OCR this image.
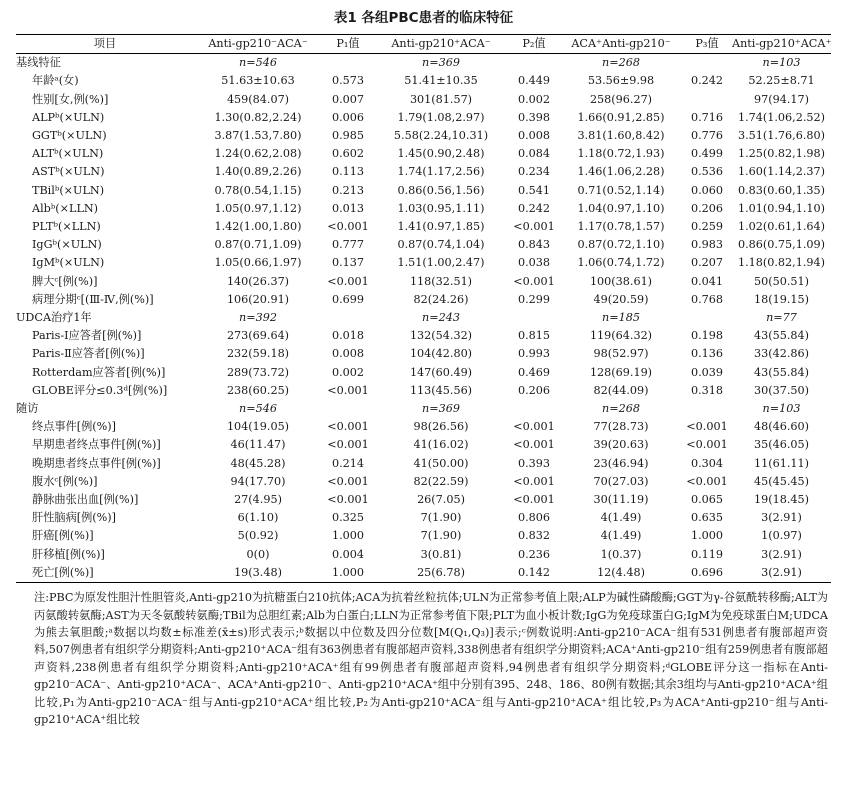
表1 各组PBC患者的临床特征
项目	Anti-gp210⁻ACA⁻	P₁值	Anti-gp210⁺ACA⁻	P₂值	ACA⁺Anti-gp210⁻	P₃值	Anti-gp210⁺ACA⁺
基线特征	n=546		n=369		n=268		n=103
年龄ᵃ(女)	51.63±10.63	0.573	51.41±10.35	0.449	53.56±9.98	0.242	52.25±8.71
性别[女,例(%)]	459(84.07)	0.007	301(81.57)	0.002	258(96.27)		97(94.17)
ALPᵇ(×ULN)	1.30(0.82,2.24)	0.006	1.79(1.08,2.97)	0.398	1.66(0.91,2.85)	0.716	1.74(1.06,2.52)
GGTᵇ(×ULN)	3.87(1.53,7.80)	0.985	5.58(2.24,10.31)	0.008	3.81(1.60,8.42)	0.776	3.51(1.76,6.80)
ALTᵇ(×ULN)	1.24(0.62,2.08)	0.602	1.45(0.90,2.48)	0.084	1.18(0.72,1.93)	0.499	1.25(0.82,1.98)
ASTᵇ(×ULN)	1.40(0.89,2.26)	0.113	1.74(1.17,2.56)	0.234	1.46(1.06,2.28)	0.536	1.60(1.14,2.37)
TBilᵇ(×ULN)	0.78(0.54,1.15)	0.213	0.86(0.56,1.56)	0.541	0.71(0.52,1.14)	0.060	0.83(0.60,1.35)
Albᵇ(×LLN)	1.05(0.97,1.12)	0.013	1.03(0.95,1.11)	0.242	1.04(0.97,1.10)	0.206	1.01(0.94,1.10)
PLTᵇ(×LLN)	1.42(1.00,1.80)	<0.001	1.41(0.97,1.85)	<0.001	1.17(0.78,1.57)	0.259	1.02(0.61,1.64)
IgGᵇ(×ULN)	0.87(0.71,1.09)	0.777	0.87(0.74,1.04)	0.843	0.87(0.72,1.10)	0.983	0.86(0.75,1.09)
IgMᵇ(×ULN)	1.05(0.66,1.97)	0.137	1.51(1.00,2.47)	0.038	1.06(0.74,1.72)	0.207	1.18(0.82,1.94)
脾大ᶜ[例(%)]	140(26.37)	<0.001	118(32.51)	<0.001	100(38.61)	0.041	50(50.51)
病理分期ᶜ[(Ⅲ-Ⅳ,例(%)]	106(20.91)	0.699	82(24.26)	0.299	49(20.59)	0.768	18(19.15)
UDCA治疗1年	n=392		n=243		n=185		n=77
Paris-Ⅰ应答者[例(%)]	273(69.64)	0.018	132(54.32)	0.815	119(64.32)	0.198	43(55.84)
Paris-Ⅱ应答者[例(%)]	232(59.18)	0.008	104(42.80)	0.993	98(52.97)	0.136	33(42.86)
Rotterdam应答者[例(%)]	289(73.72)	0.002	147(60.49)	0.469	128(69.19)	0.039	43(55.84)
GLOBE评分≤0.3ᵈ[例(%)]	238(60.25)	<0.001	113(45.56)	0.206	82(44.09)	0.318	30(37.50)
随访	n=546		n=369		n=268		n=103
终点事件[例(%)]	104(19.05)	<0.001	98(26.56)	<0.001	77(28.73)	<0.001	48(46.60)
早期患者终点事件[例(%)]	46(11.47)	<0.001	41(16.02)	<0.001	39(20.63)	<0.001	35(46.05)
晚期患者终点事件[例(%)]	48(45.28)	0.214	41(50.00)	0.393	23(46.94)	0.304	11(61.11)
腹水ᶜ[例(%)]	94(17.70)	<0.001	82(22.59)	<0.001	70(27.03)	<0.001	45(45.45)
静脉曲张出血[例(%)]	27(4.95)	<0.001	26(7.05)	<0.001	30(11.19)	0.065	19(18.45)
肝性脑病[例(%)]	6(1.10)	0.325	7(1.90)	0.806	4(1.49)	0.635	3(2.91)
肝癌[例(%)]	5(0.92)	1.000	7(1.90)	0.832	4(1.49)	1.000	1(0.97)
肝移植[例(%)]	0(0)	0.004	3(0.81)	0.236	1(0.37)	0.119	3(2.91)
死亡[例(%)]	19(3.48)	1.000	25(6.78)	0.142	12(4.48)	0.696	3(2.91)

注:PBC为原发性胆汁性胆管炎,Anti-gp210为抗糖蛋白210抗体;ACA为抗着丝粒抗体;ULN为正常参考值上限;ALP为碱性磷酸酶;GGT为γ-谷氨酰转移酶;ALT为丙氨酸转氨酶;AST为天冬氨酸转氨酶;TBil为总胆红素;Alb为白蛋白;LLN为正常参考值下限;PLT为血小板计数;IgG为免疫球蛋白G;IgM为免疫球蛋白M;UDCA为熊去氧胆酸;ᵃ数据以均数±标准差(x̄±s)形式表示;ᵇ数据以中位数及四分位数[M(Q₁,Q₃)]表示;ᶜ例数说明:Anti-gp210⁻ACA⁻组有531例患者有腹部超声资料,507例患者有组织学分期资料;Anti-gp210⁺ACA⁻组有363例患者有腹部超声资料,338例患者有组织学分期资料;ACA⁺Anti-gp210⁻组有259例患者有腹部超声资料,238例患者有组织学分期资料;Anti-gp210⁺ACA⁺组有99例患者有腹部超声资料,94例患者有组织学分期资料;ᵈGLOBE评分这一指标在Anti-gp210⁻ACA⁻、Anti-gp210⁺ACA⁻、ACA⁺Anti-gp210⁻、Anti-gp210⁺ACA⁺组中分别有395、248、186、80例有数据;其余3组均与Anti-gp210⁺ACA⁺组比较,P₁为Anti-gp210⁻ACA⁻组与Anti-gp210⁺ACA⁺组比较,P₂为Anti-gp210⁺ACA⁻组与Anti-gp210⁺ACA⁺组比较,P₃为ACA⁺Anti-gp210⁻组与Anti-gp210⁺ACA⁺组比较
